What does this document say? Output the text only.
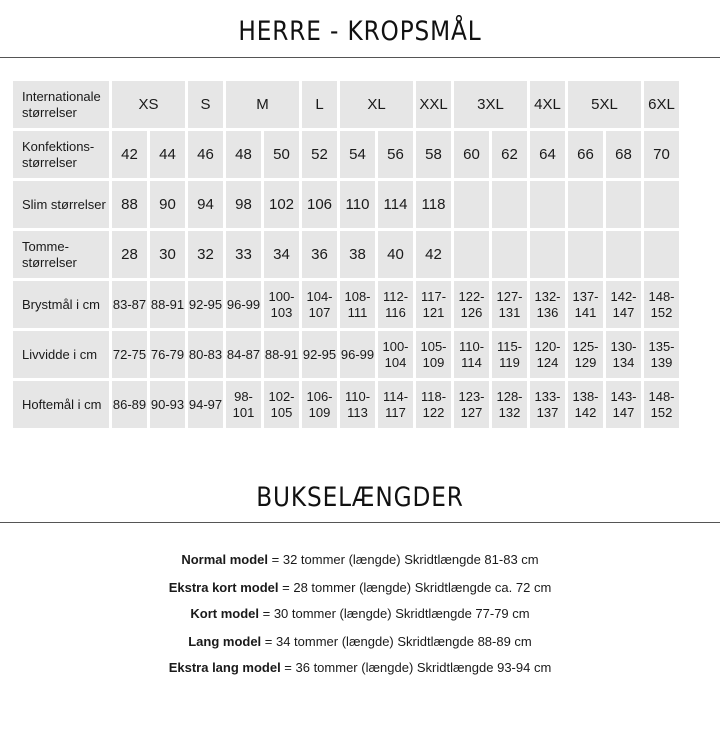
HERRE - KROPSMÅL
Internationale størrelser	XS		S	M		L	XL		XXL	3XL		4XL	5XL		6XL
Konfektions-størrelser	42	44	46	48	50	52	54	56	58	60	62	64	66	68	70
Slim størrelser	88	90	94	98	102	106	110	114	118						
Tomme-størrelser	28	30	32	33	34	36	38	40	42						
Brystmål i cm	83-87	88-91	92-95	96-99	100-103	104-107	108-111	112-116	117-121	122-126	127-131	132-136	137-141	142-147	148-152
Livvidde i cm	72-75	76-79	80-83	84-87	88-91	92-95	96-99	100-104	105-109	110-114	115-119	120-124	125-129	130-134	135-139
Hoftemål i cm	86-89	90-93	94-97	98-101	102-105	106-109	110-113	114-117	118-122	123-127	128-132	133-137	138-142	143-147	148-152
BUKSELÆNGDER
Normal model = 32 tommer (længde) Skridtlængde 81-83 cm
Ekstra kort model = 28 tommer (længde) Skridtlængde ca. 72 cm
Kort model = 30 tommer (længde) Skridtlængde 77-79 cm
Lang model = 34 tommer (længde) Skridtlængde 88-89 cm
Ekstra lang model = 36 tommer (længde) Skridtlængde 93-94 cm
